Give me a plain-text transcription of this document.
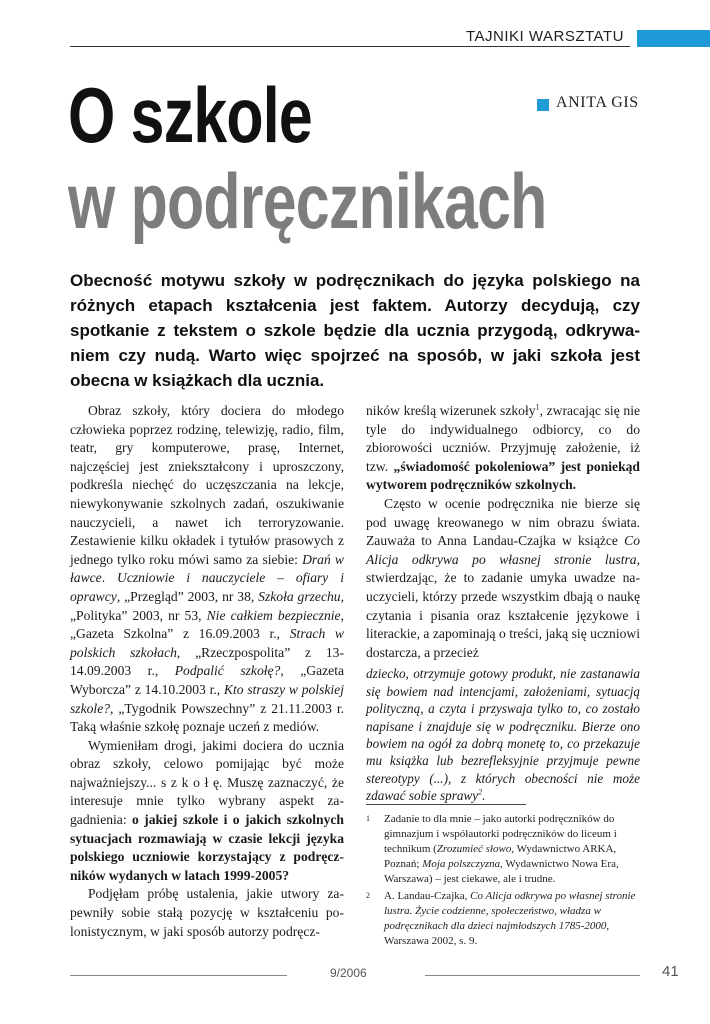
TAJNIKI WARSZTATU
O szkole
w podręcznikach
ANITA GIS
Obecność motywu szkoły w podręcznikach do języka polskiego na różnych etapach kształcenia jest faktem. Autorzy decydują, czy spotkanie z tekstem o szkole będzie dla ucznia przygodą, odkrywaniem czy nudą. Warto więc spojrzeć na sposób, w jaki szkoła jest obecna w książkach dla ucznia.

Obraz szkoły, który dociera do młodego człowieka poprzez rodzinę, telewizję, radio, film, teatr, gry komputerowe, prasę, Internet, najczęściej jest zniekształcony i uproszczony, podkreśla niechęć do uczęszczania na lekcje, niewykonywanie szkolnych zadań, oszukiwanie nauczycieli, a nawet ich terroryzowanie. Zestawienie kilku okładek i tytułów prasowych z jednego tylko roku mówi samo za siebie: Drań w ławce. Uczniowie i nauczyciele – ofiary i oprawcy, „Przegląd” 2003, nr 38, Szkoła grzechu, „Polityka” 2003, nr 53, Nie całkiem bezpiecznie, „Gazeta Szkolna” z 16.09.2003 r., Strach w polskich szkołach, „Rzeczpospolita” z 13-14.09.2003 r., Podpalić szkołę?, „Gazeta Wyborcza” z 14.10.2003 r., Kto straszy w polskiej szkole?, „Tygodnik Powszechny” z 21.11.2003 r. Taką właśnie szkołę poznaje uczeń z mediów.

Wymieniłam drogi, jakimi dociera do ucznia obraz szkoły, celowo pomijając być może najważniejszy... s z k o ł ę. Muszę zaznaczyć, że interesuje mnie tylko wybrany aspekt zagadnienia: o jakiej szkole i o jakich szkolnych sytuacjach rozmawiają w czasie lekcji języka polskiego uczniowie korzystający z podręczników wydanych w latach 1999-2005?

Podjęłam próbę ustalenia, jakie utwory zapewniły sobie stałą pozycję w kształceniu polonistycznym, w jaki sposób autorzy podręcz-

ników kreślą wizerunek szkoły$^1$, zwracając się nie tyle do indywidualnego odbiorcy, co do zbiorowości uczniów. Przyjmuję założenie, iż tzw. „świadomość pokoleniowa” jest poniekąd wytworem podręczników szkolnych.

Często w ocenie podręcznika nie bierze się pod uwagę kreowanego w nim obrazu świata. Zauważa to Anna Landau-Czajka w książce Co Alicja odkrywa po własnej stronie lustra, stwierdzając, że to zadanie umyka uwadze nauczycieli, którzy przede wszystkim dbają o naukę czytania i pisania oraz kształcenie językowe i literackie, a zapominają o treści, jaką się uczniowi dostarcza, a przecież

dziecko, otrzymuje gotowy produkt, nie zastanawia się bowiem nad intencjami, założeniami, sytuacją polityczną, a czyta i przyswaja tylko to, co zostało napisane i znajduje się w podręczniku. Bierze ono bowiem na ogół za dobrą monetę to, co przekazuje mu książka lub bezrefleksyjnie przyjmuje pewne stereotypy (...), z których obecności nie może zdawać sobie sprawy$^2$.

1	Zadanie to dla mnie – jako autorki podręczników do gimnazjum i współautorki podręczników do liceum i technikum (Zrozumieć słowo, Wydawnictwo ARKA, Poznań; Moja polszczyzna, Wydawnictwo Nowa Era, Warszawa) – jest ciekawe, ale i trudne.
2	A. Landau-Czajka, Co Alicja odkrywa po własnej stronie lustra. Życie codzienne, społeczeństwo, władza w podręcznikach dla dzieci najmłodszych 1785-2000, Warszawa 2002, s. 9.
9/2006	41
